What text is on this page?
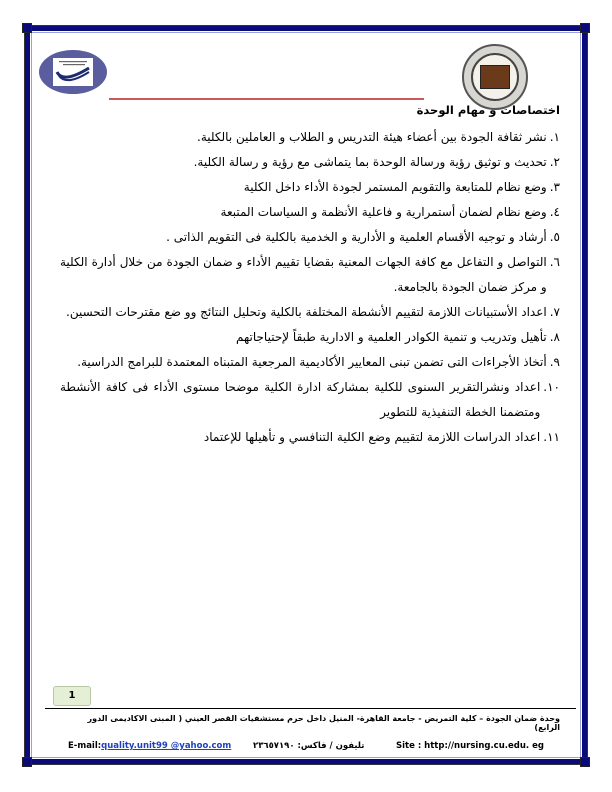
اختصاصات و مهام الوحدة
١.
نشر ثقافة الجودة بين أعضاء هيئة التدريس و الطلاب و العاملين بالكلية.
٢.
تحديث و توثيق رؤية ورسالة الوحدة بما يتماشى مع رؤية و رسالة الكلية.
٣.
وضع نظام للمتابعة والتقويم المستمر لجودة الأداء داخل الكلية
٤.
وضع نظام لضمان أستمرارية و فاعلية الأنظمة و السياسات المتبعة
٥.
أرشاد و توجيه الأقسام العلمية و الأدارية و الخدمية بالكلية فى التقويم الذاتى .
٦.
التواصل و التفاعل مع كافة الجهات المعنية بقضايا تقييم الأداء و ضمان الجودة من خلال أدارة الكلية و مركز ضمان الجودة بالجامعة.
٧.
اعداد الأستبيانات اللازمة لتقييم الأنشطة المختلفة بالكلية وتحليل النتائج وو ضع مقترحات التحسين.
٨.
تأهيل وتدريب و تنمية الكوادر العلمية و الادارية طبقاً لإحتياجاتهم
٩.
أتخاذ الأجراءات التى تضمن تبنى المعايير الأكاديمية المرجعية المتبناه المعتمدة للبرامج الدراسية.
١٠.
اعداد ونشرالتقرير السنوى للكلية بمشاركة ادارة الكلية موضحا مستوى الأداء فى كافة الأنشطة ومتضمنا الخطة التنفيذية للتطوير
١١.
اعداد الدراسات اللازمة لتقييم وضع الكلية التنافسي و تأهيلها للإعتماد
1
وحدة ضمان الجودة – كلية التمريض - جامعة القاهرة- المنيل داخل حرم مستشفيات القصر العيني ( المبنى الاكاديمى الدور الرابع)
E-mail:quality.unit99 @yahoo.com	تليفون / فاكس: ٢٣٦٥٧١٩٠	Site : http://nursing.cu.edu. eg
